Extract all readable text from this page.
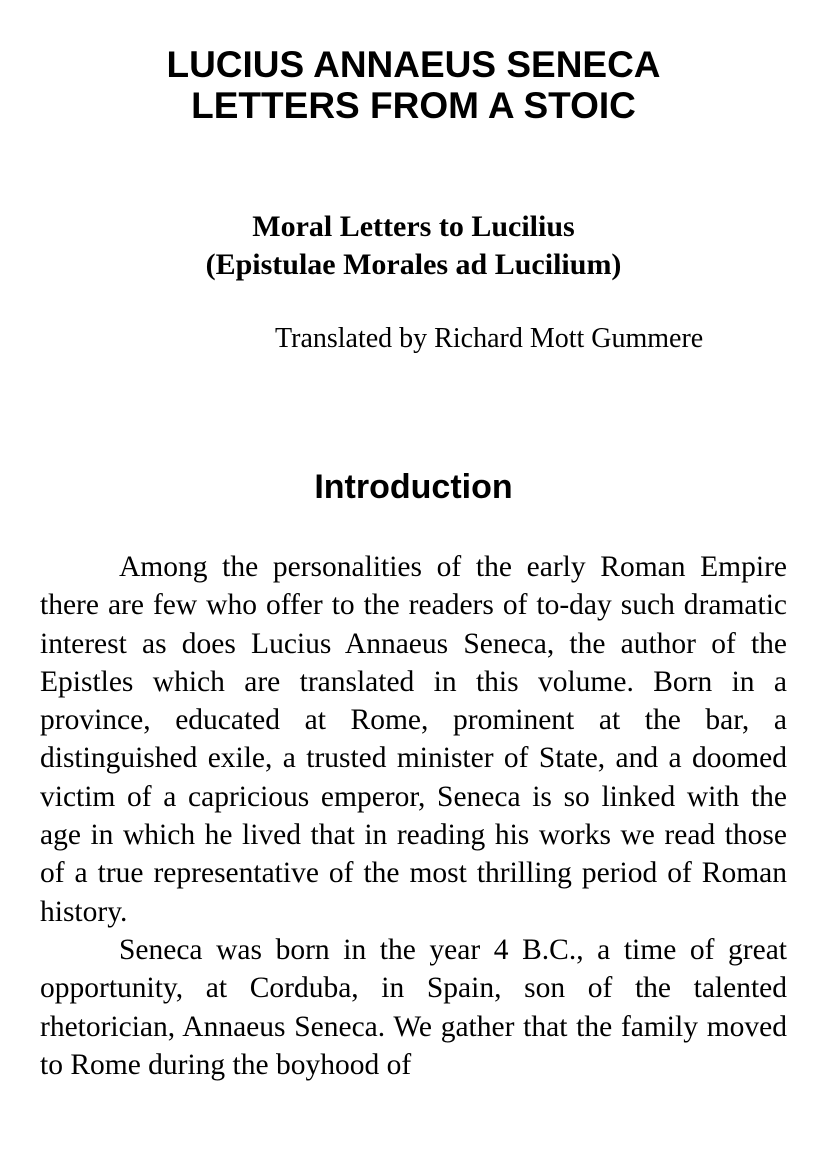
LUCIUS ANNAEUS SENECA
LETTERS FROM A STOIC
Moral Letters to Lucilius
(Epistulae Morales ad Lucilium)

Translated by Richard Mott Gummere

Introduction

Among the personalities of the early Roman Empire there are few who offer to the readers of to-day such dramatic interest as does Lucius Annaeus Seneca, the author of the Epistles which are translated in this volume. Born in a province, educated at Rome, prominent at the bar, a distinguished exile, a trusted minister of State, and a doomed victim of a capricious emperor, Seneca is so linked with the age in which he lived that in reading his works we read those of a true representative of the most thrilling period of Roman history.

Seneca was born in the year 4 B.C., a time of great opportunity, at Corduba, in Spain, son of the talented rhetorician, Annaeus Seneca. We gather that the family moved to Rome during the boyhood of
